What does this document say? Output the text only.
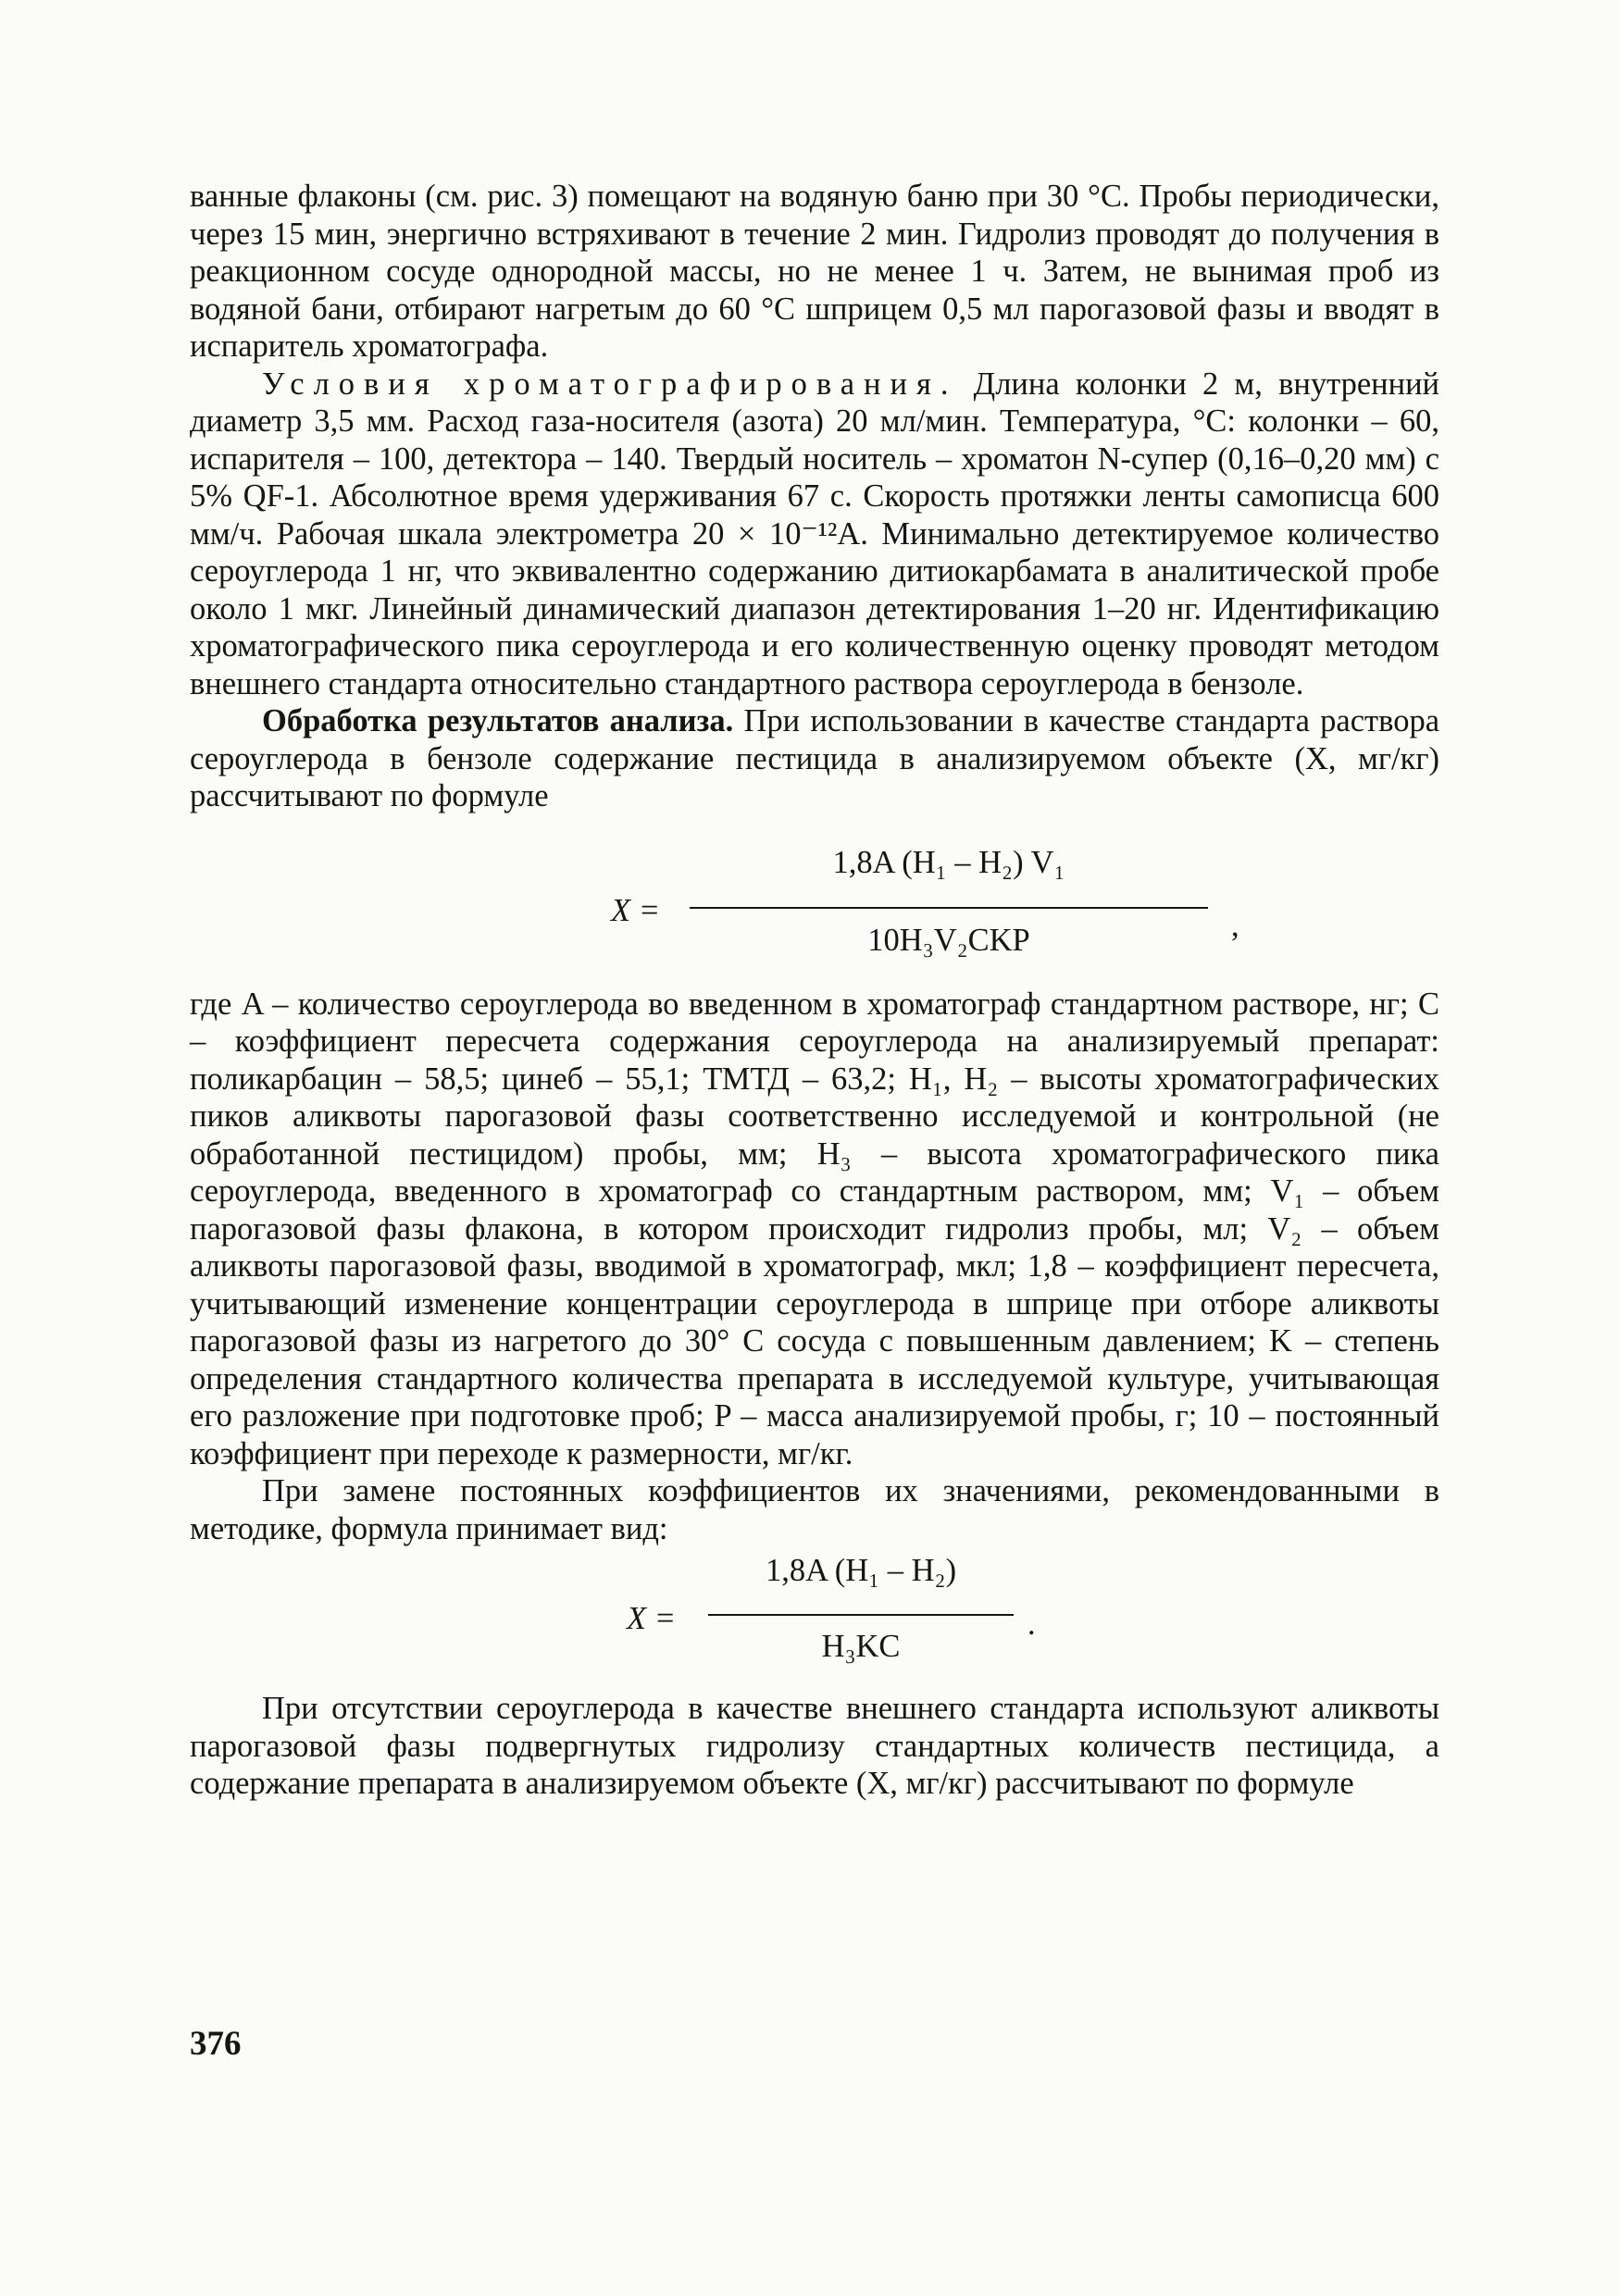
ванные флаконы (см. рис. 3) помещают на водяную баню при 30 °С. Пробы периодически, через 15 мин, энергично встряхивают в течение 2 мин. Гидролиз проводят до получения в реакционном сосуде однородной массы, но не менее 1 ч. Затем, не вынимая проб из водяной бани, отбирают нагретым до 60 °С шприцем 0,5 мл парогазовой фазы и вводят в испаритель хроматографа.

Условия хроматографирования. Длина колонки 2 м, внутренний диаметр 3,5 мм. Расход газа-носителя (азота) 20 мл/мин. Температура, °С: колонки – 60, испарителя – 100, детектора – 140. Твердый носитель – хроматон N-супер (0,16–0,20 мм) с 5% QF-1. Абсолютное время удерживания 67 с. Скорость протяжки ленты самописца 600 мм/ч. Рабочая шкала электрометра 20 × 10⁻¹²А. Минимально детектируемое количество сероуглерода 1 нг, что эквивалентно содержанию дитиокарбамата в аналитической пробе около 1 мкг. Линейный динамический диапазон детектирования 1–20 нг. Идентификацию хроматографического пика сероуглерода и его количественную оценку проводят методом внешнего стандарта относительно стандартного раствора сероуглерода в бензоле.

Обработка результатов анализа. При использовании в качестве стандарта раствора сероуглерода в бензоле содержание пестицида в анализируемом объекте (X, мг/кг) рассчитывают по формуле

X =
1,8A (H₁ – H₂) V₁
10H₃V₂CKP	,

где A – количество сероуглерода во введенном в хроматограф стандартном растворе, нг; C – коэффициент пересчета содержания сероуглерода на анализируемый препарат: поликарбацин – 58,5; цинеб – 55,1; ТМТД – 63,2; H₁, H₂ – высоты хроматографических пиков аликвоты парогазовой фазы соответственно исследуемой и контрольной (не обработанной пестицидом) пробы, мм; H₃ – высота хроматографического пика сероуглерода, введенного в хроматограф со стандартным раствором, мм; V₁ – объем парогазовой фазы флакона, в котором происходит гидролиз пробы, мл; V₂ – объем аликвоты парогазовой фазы, вводимой в хроматограф, мкл; 1,8 – коэффициент пересчета, учитывающий изменение концентрации сероуглерода в шприце при отборе аликвоты парогазовой фазы из нагретого до 30° С сосуда с повышенным давлением; K – степень определения стандартного количества препарата в исследуемой культуре, учитывающая его разложение при подготовке проб; P – масса анализируемой пробы, г; 10 – постоянный коэффициент при переходе к размерности, мг/кг.

При замене постоянных коэффициентов их значениями, рекомендованными в методике, формула принимает вид:

X =
1,8A (H₁ – H₂)
H₃KC
.

При отсутствии сероуглерода в качестве внешнего стандарта используют аликвоты парогазовой фазы подвергнутых гидролизу стандартных количеств пестицида, а содержание препарата в анализируемом объекте (X, мг/кг) рассчитывают по формуле

376
